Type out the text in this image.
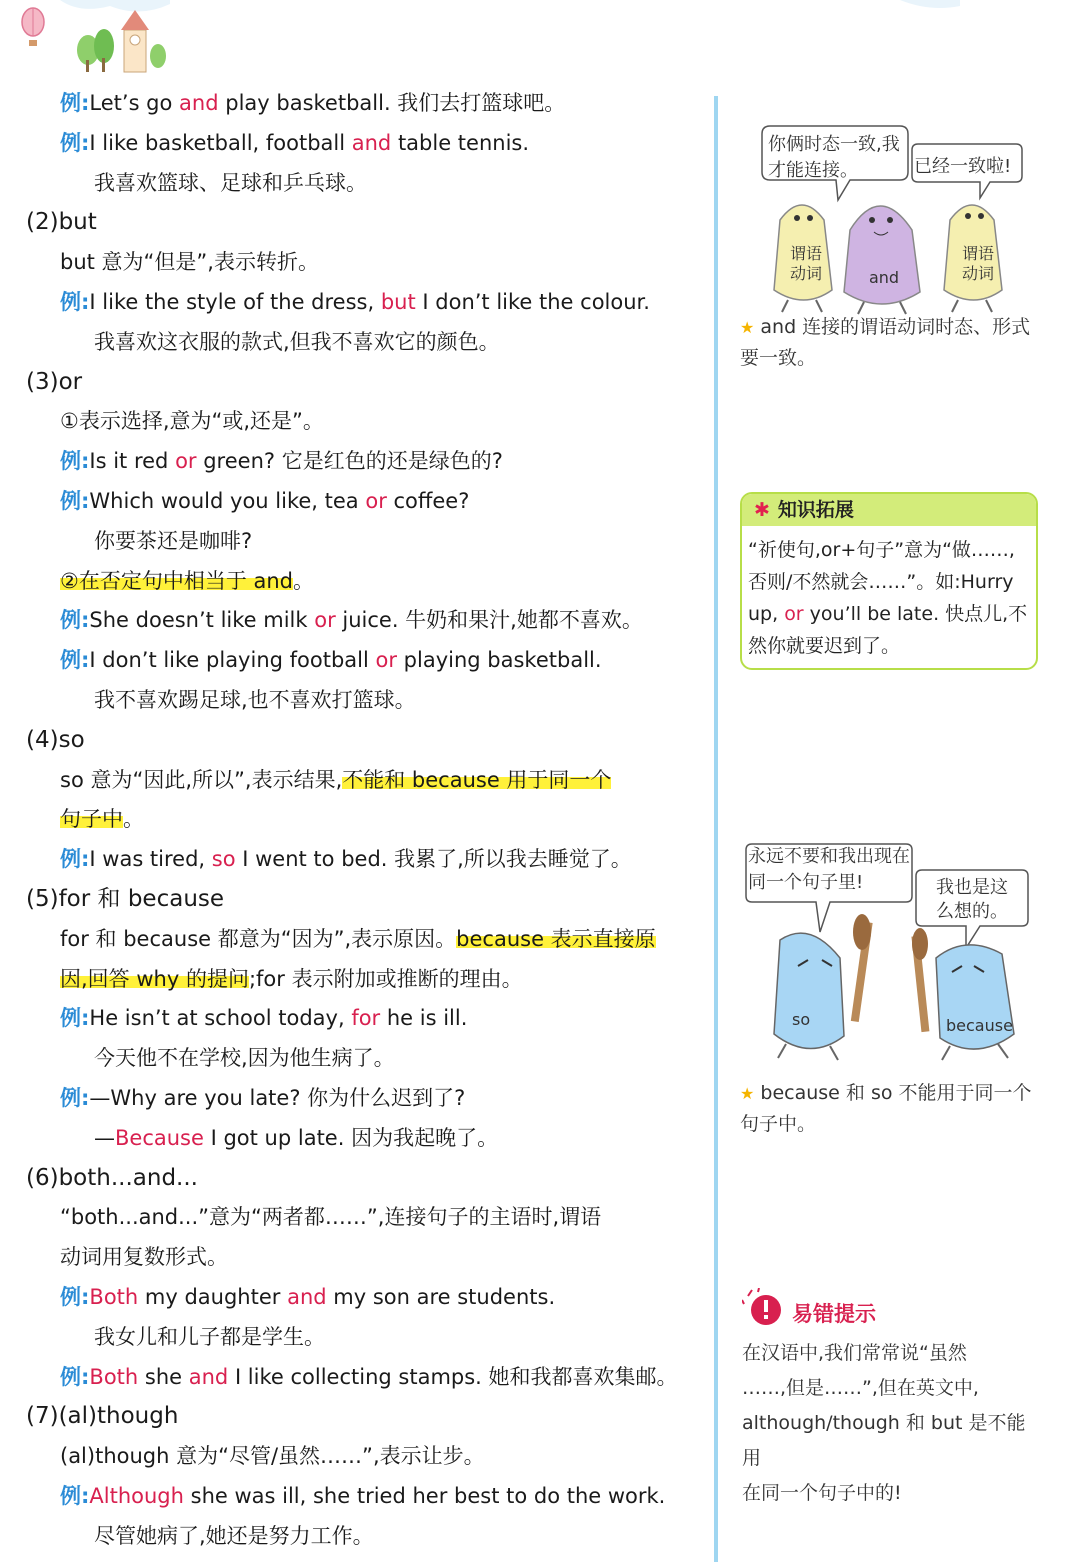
例:Let’s go and play basketball. 我们去打篮球吧。
例:I like basketball, football and table tennis.
我喜欢篮球、足球和乒乓球。
(2)but
but 意为“但是”,表示转折。
例:I like the style of the dress, but I don’t like the colour.
我喜欢这衣服的款式,但我不喜欢它的颜色。
(3)or
①表示选择,意为“或,还是”。
例:Is it red or green? 它是红色的还是绿色的?
例:Which would you like, tea or coffee?
你要茶还是咖啡?
②在否定句中相当于 and。
例:She doesn’t like milk or juice. 牛奶和果汁,她都不喜欢。
例:I don’t like playing football or playing basketball.
我不喜欢踢足球,也不喜欢打篮球。
(4)so
so 意为“因此,所以”,表示结果,不能和 because 用于同一个
句子中。
例:I was tired, so I went to bed. 我累了,所以我去睡觉了。
(5)for 和 because
for 和 because 都意为“因为”,表示原因。because 表示直接原
因,回答 why 的提问;for 表示附加或推断的理由。
例:He isn’t at school today, for he is ill.
今天他不在学校,因为他生病了。
例:—Why are you late? 你为什么迟到了?
—Because I got up late. 因为我起晚了。
(6)both...and...
“both...and...”意为“两者都……”,连接句子的主语时,谓语
动词用复数形式。
例:Both my daughter and my son are students.
我女儿和儿子都是学生。
例:Both she and I like collecting stamps. 她和我都喜欢集邮。
(7)(al)though
(al)though 意为“尽管/虽然……”,表示让步。
例:Although she was ill, she tried her best to do the work.
尽管她病了,她还是努力工作。
你俩时态一致,我才能连接。	已经一致啦!
谓语动词	and
谓语动词
★ and 连接的谓语动词时态、形式要一致。
✱ 知识拓展
“祈使句,or+句子”意为“做……,
否则/不然就会……”。如:Hurry
up, or you’ll be late. 快点儿,不
然你就要迟到了。
永远不要和我出现在同一个句子里!	我也是这么想的。
so	because
★ because 和 so 不能用于同一个句子中。
易错提示
在汉语中,我们常常说“虽然
……,但是……”,但在英文中,
although/though 和 but 是不能用
在同一个句子中的!
